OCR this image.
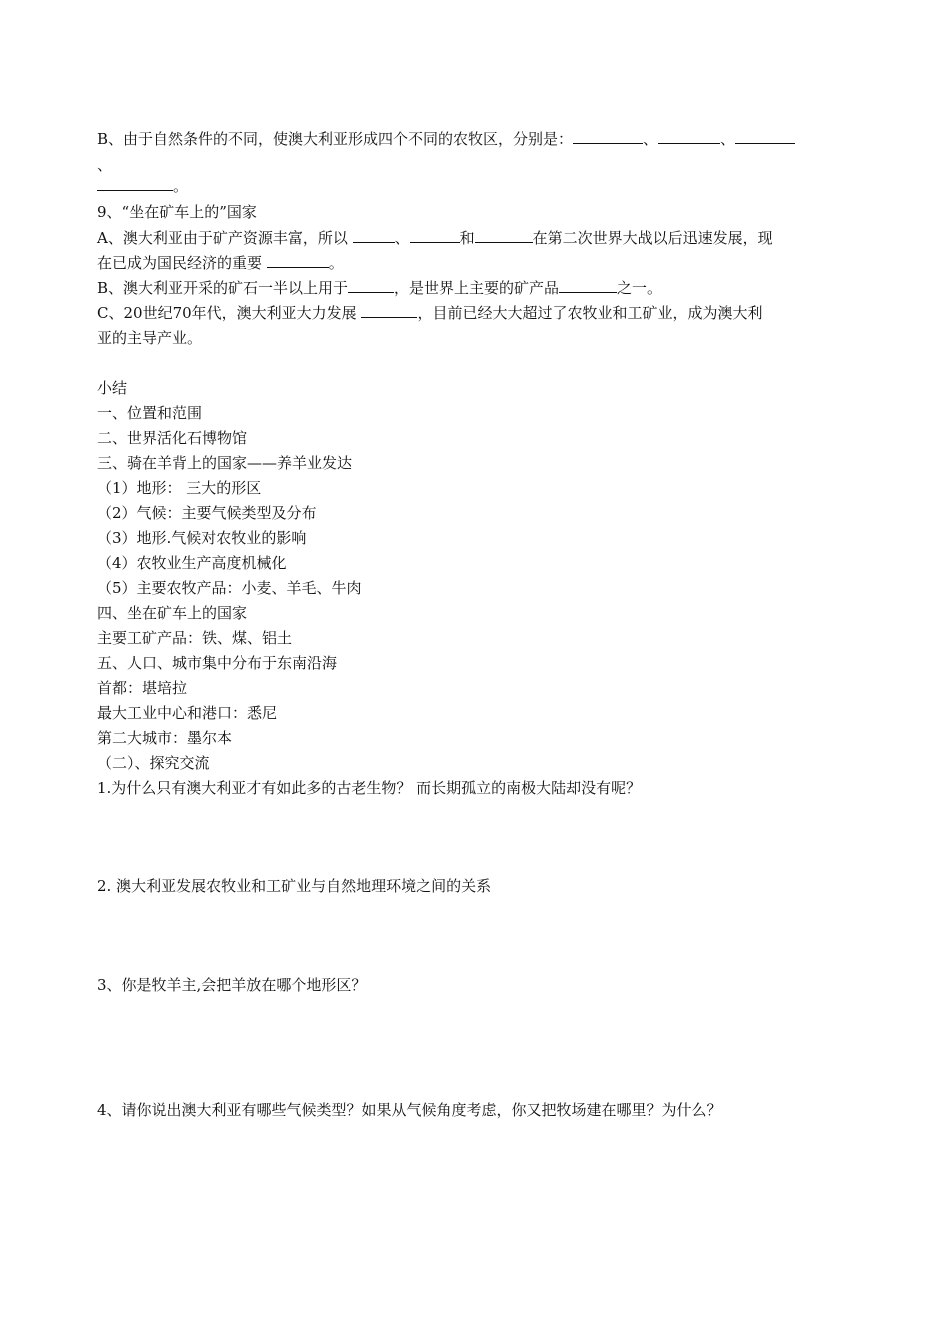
B、由于自然条件的不同，使澳大利亚形成四个不同的农牧区，分别是：	、	、
、
。
9、“坐在矿车上的”国家
A、澳大利亚由于矿产资源丰富，所以	、	和	在第二次世界大战以后迅速发展，现
在已成为国民经济的重要	。
B、澳大利亚开采的矿石一半以上用于	，是世界上主要的矿产品	之一。
C、20世纪70年代，澳大利亚大力发展	，目前已经大大超过了农牧业和工矿业，成为澳大利
亚的主导产业。
小结
一、位置和范围
二、世界活化石博物馆
三、骑在羊背上的国家——养羊业发达
（1）地形： 三大的形区
（2）气候：主要气候类型及分布
（3）地形.气候对农牧业的影响
（4）农牧业生产高度机械化
（5）主要农牧产品：小麦、羊毛、牛肉
四、坐在矿车上的国家
主要工矿产品：铁、煤、铝土
五、人口、城市集中分布于东南沿海
首都：堪培拉
最大工业中心和港口：悉尼
第二大城市：墨尔本
（二）、探究交流
1.为什么只有澳大利亚才有如此多的古老生物？ 而长期孤立的南极大陆却没有呢？
2. 澳大利亚发展农牧业和工矿业与自然地理环境之间的关系
3、你是牧羊主,会把羊放在哪个地形区？
4、请你说出澳大利亚有哪些气候类型？如果从气候角度考虑，你又把牧场建在哪里？为什么？
